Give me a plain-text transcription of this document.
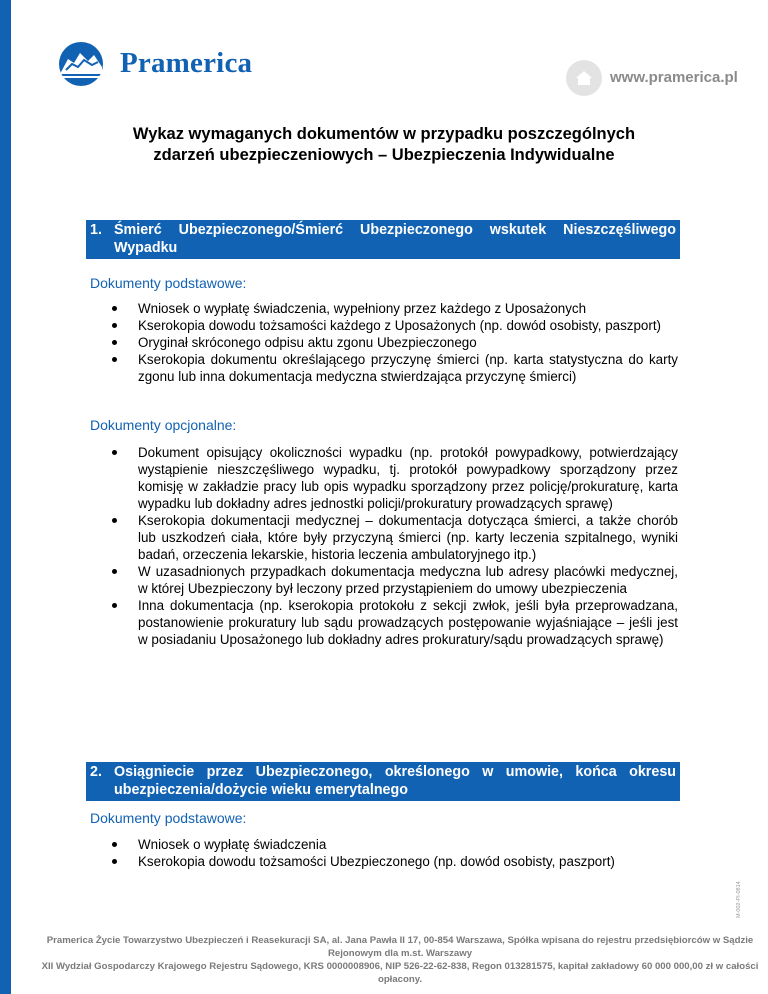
Pramerica	www.pramerica.pl
Wykaz wymaganych dokumentów w przypadku poszczególnych
zdarzeń ubezpieczeniowych – Ubezpieczenia Indywidualne
1. Śmierć Ubezpieczonego/Śmierć Ubezpieczonego wskutek Nieszczęśliwego Wypadku
Dokumenty podstawowe:
Wniosek o wypłatę świadczenia, wypełniony przez każdego z Uposażonych
Kserokopia dowodu tożsamości każdego z Uposażonych (np. dowód osobisty, paszport)
Oryginał skróconego odpisu aktu zgonu Ubezpieczonego
Kserokopia dokumentu określającego przyczynę śmierci (np. karta statystyczna do karty zgonu lub inna dokumentacja medyczna stwierdzająca przyczynę śmierci)
Dokumenty opcjonalne:
Dokument opisujący okoliczności wypadku (np. protokół powypadkowy, potwierdzający wystąpienie nieszczęśliwego wypadku, tj. protokół powypadkowy sporządzony przez komisję w zakładzie pracy lub opis wypadku sporządzony przez policję/prokuraturę, karta wypadku lub dokładny adres jednostki policji/prokuratury prowadzących sprawę)
Kserokopia dokumentacji medycznej – dokumentacja dotycząca śmierci, a także chorób lub uszkodzeń ciała, które były przyczyną śmierci (np. karty leczenia szpitalnego, wyniki badań, orzeczenia lekarskie, historia leczenia ambulatoryjnego itp.)
W uzasadnionych przypadkach dokumentacja medyczna lub adresy placówki medycznej, w której Ubezpieczony był leczony przed przystąpieniem do umowy ubezpieczenia
Inna dokumentacja (np. kserokopia protokołu z sekcji zwłok, jeśli była przeprowadzana, postanowienie prokuratury lub sądu prowadzących postępowanie wyjaśniające – jeśli jest w posiadaniu Uposażonego lub dokładny adres prokuratury/sądu prowadzących sprawę)
2. Osiągniecie przez Ubezpieczonego, określonego w umowie, końca okresu ubezpieczenia/dożycie wieku emerytalnego
Dokumenty podstawowe:
Wniosek o wypłatę świadczenia
Kserokopia dowodu tożsamości Ubezpieczonego (np. dowód osobisty, paszport)
M-002-PI-0814
Pramerica Życie Towarzystwo Ubezpieczeń i Reasekuracji SA, al. Jana Pawła II 17, 00-854 Warszawa, Spółka wpisana do rejestru przedsiębiorców w Sądzie Rejonowym dla m.st. Warszawy
XII Wydział Gospodarczy Krajowego Rejestru Sądowego, KRS 0000008906, NIP 526-22-62-838, Regon 013281575, kapitał zakładowy 60 000 000,00 zł w całości opłacony.
